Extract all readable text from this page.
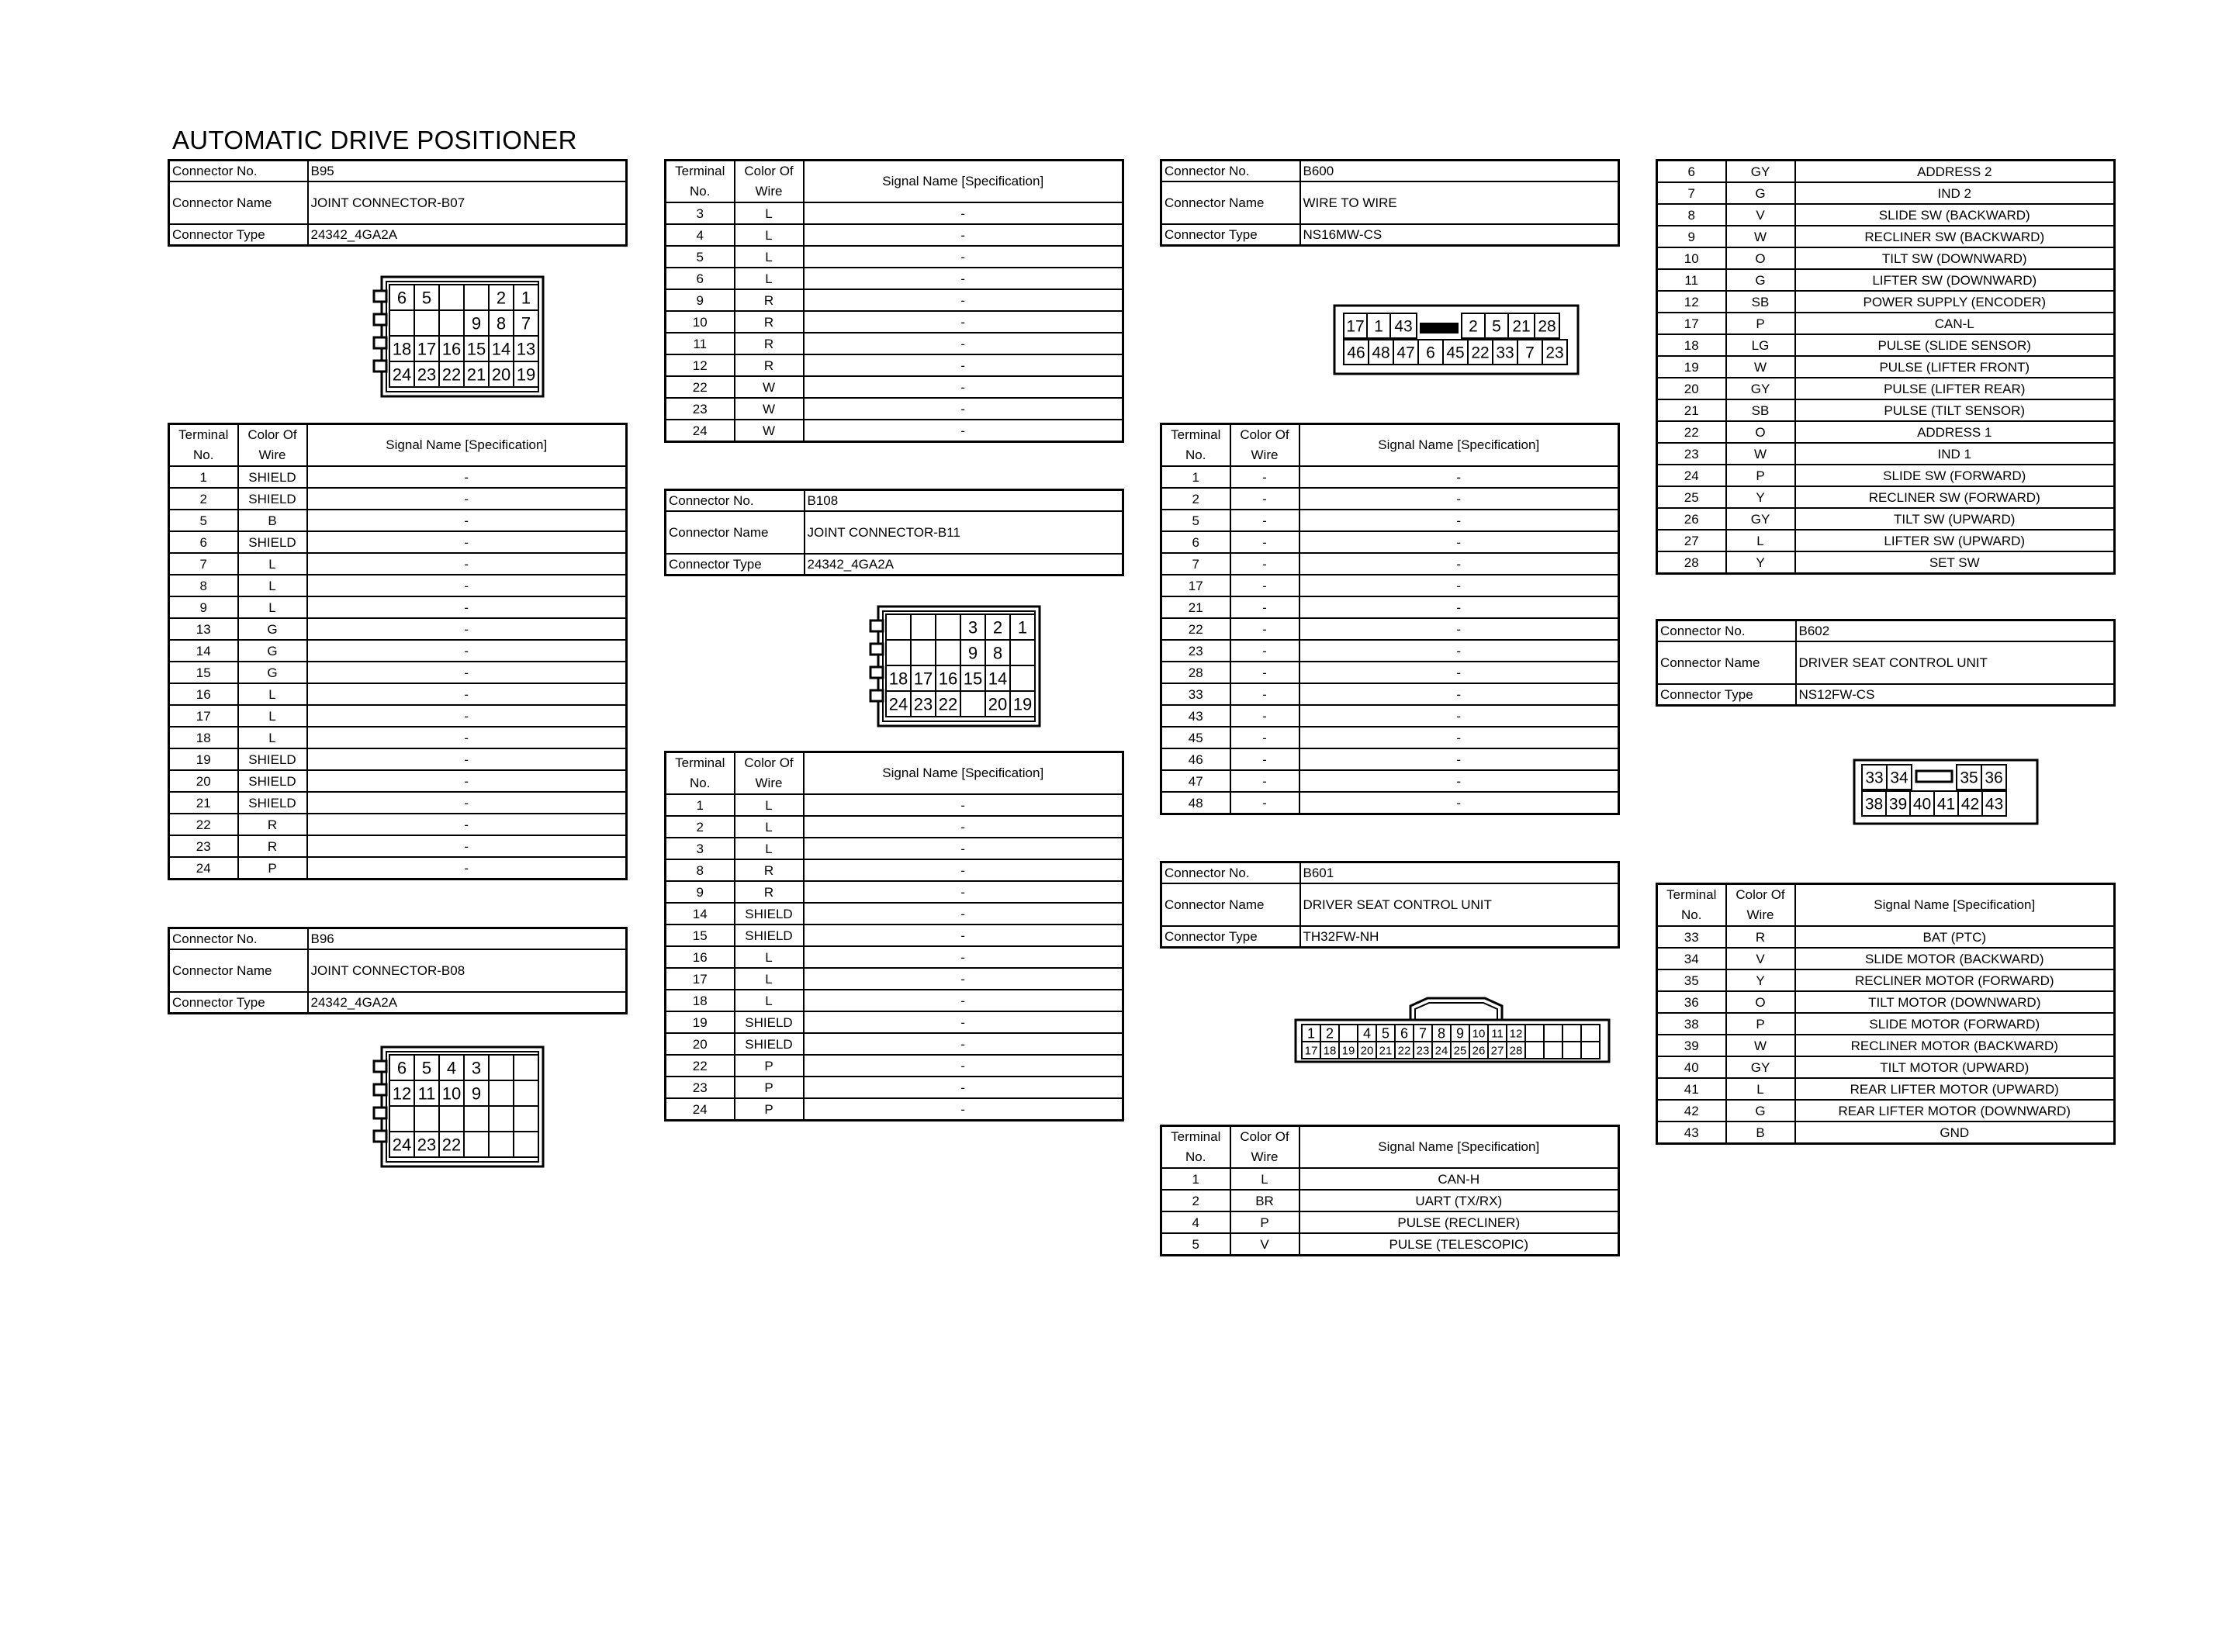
AUTOMATIC DRIVE POSITIONER
Connector No.	B95
Connector Name	JOINT CONNECTOR-B07
Connector Type	24342_4GA2A
Connector No.	B96
Connector Name	JOINT CONNECTOR-B08
Connector Type	24342_4GA2A
Connector No.	B108
Connector Name	JOINT CONNECTOR-B11
Connector Type	24342_4GA2A
Connector No.	B600
Connector Name	WIRE TO WIRE
Connector Type	NS16MW-CS
Connector No.	B601
Connector Name	DRIVER SEAT CONTROL UNIT
Connector Type	TH32FW-NH
Connector No.	B602
Connector Name	DRIVER SEAT CONTROL UNIT
Connector Type	NS12FW-CS
Terminal No.	Color Of Wire	Signal Name [Specification]
1	SHIELD	-
2	SHIELD	-
5	B	-
6	SHIELD	-
7	L	-
8	L	-
9	L	-
13	G	-
14	G	-
15	G	-
16	L	-
17	L	-
18	L	-
19	SHIELD	-
20	SHIELD	-
21	SHIELD	-
22	R	-
23	R	-
24	P	-
Terminal No.	Color Of Wire	Signal Name [Specification]
3	L	-
4	L	-
5	L	-
6	L	-
9	R	-
10	R	-
11	R	-
12	R	-
22	W	-
23	W	-
24	W	-
Terminal No.	Color Of Wire	Signal Name [Specification]
1	L	-
2	L	-
3	L	-
8	R	-
9	R	-
14	SHIELD	-
15	SHIELD	-
16	L	-
17	L	-
18	L	-
19	SHIELD	-
20	SHIELD	-
22	P	-
23	P	-
24	P	-
Terminal No.	Color Of Wire	Signal Name [Specification]
1	-	-
2	-	-
5	-	-
6	-	-
7	-	-
17	-	-
21	-	-
22	-	-
23	-	-
28	-	-
33	-	-
43	-	-
45	-	-
46	-	-
47	-	-
48	-	-
Terminal No.	Color Of Wire	Signal Name [Specification]
1	L	CAN-H
2	BR	UART (TX/RX)
4	P	PULSE (RECLINER)
5	V	PULSE (TELESCOPIC)
Terminal No.	Color Of Wire	Signal Name [Specification]
33	R	BAT (PTC)
34	V	SLIDE MOTOR (BACKWARD)
35	Y	RECLINER MOTOR (FORWARD)
36	O	TILT MOTOR (DOWNWARD)
38	P	SLIDE MOTOR (FORWARD)
39	W	RECLINER MOTOR (BACKWARD)
40	GY	TILT MOTOR (UPWARD)
41	L	REAR LIFTER MOTOR (UPWARD)
42	G	REAR LIFTER MOTOR (DOWNWARD)
43	B	GND
6	GY	ADDRESS 2
7	G	IND 2
8	V	SLIDE SW (BACKWARD)
9	W	RECLINER SW (BACKWARD)
10	O	TILT SW (DOWNWARD)
11	G	LIFTER SW (DOWNWARD)
12	SB	POWER SUPPLY (ENCODER)
17	P	CAN-L
18	LG	PULSE (SLIDE SENSOR)
19	W	PULSE (LIFTER FRONT)
20	GY	PULSE (LIFTER REAR)
21	SB	PULSE (TILT SENSOR)
22	O	ADDRESS 1
23	W	IND 1
24	P	SLIDE SW (FORWARD)
25	Y	RECLINER SW (FORWARD)
26	GY	TILT SW (UPWARD)
27	L	LIFTER SW (UPWARD)
28	Y	SET SW
6 5	2 1
9 8 7
18 17 16 15 14 13
24 23 22 21 20 19
6 5 4 3
12 11 10 9
24 23 22
3 2 1
9 8
18 17 16 15 14
24 23 22 20 19
17 1 43	2 5 21 28
46 48 47 6 45 22 33 7 23
1 2 4 5 6 7 8 9 10 11 12
17 18 19 20 21 22 23 24 25 26 27 28
33 34	35 36
38 39 40 41 42 43
